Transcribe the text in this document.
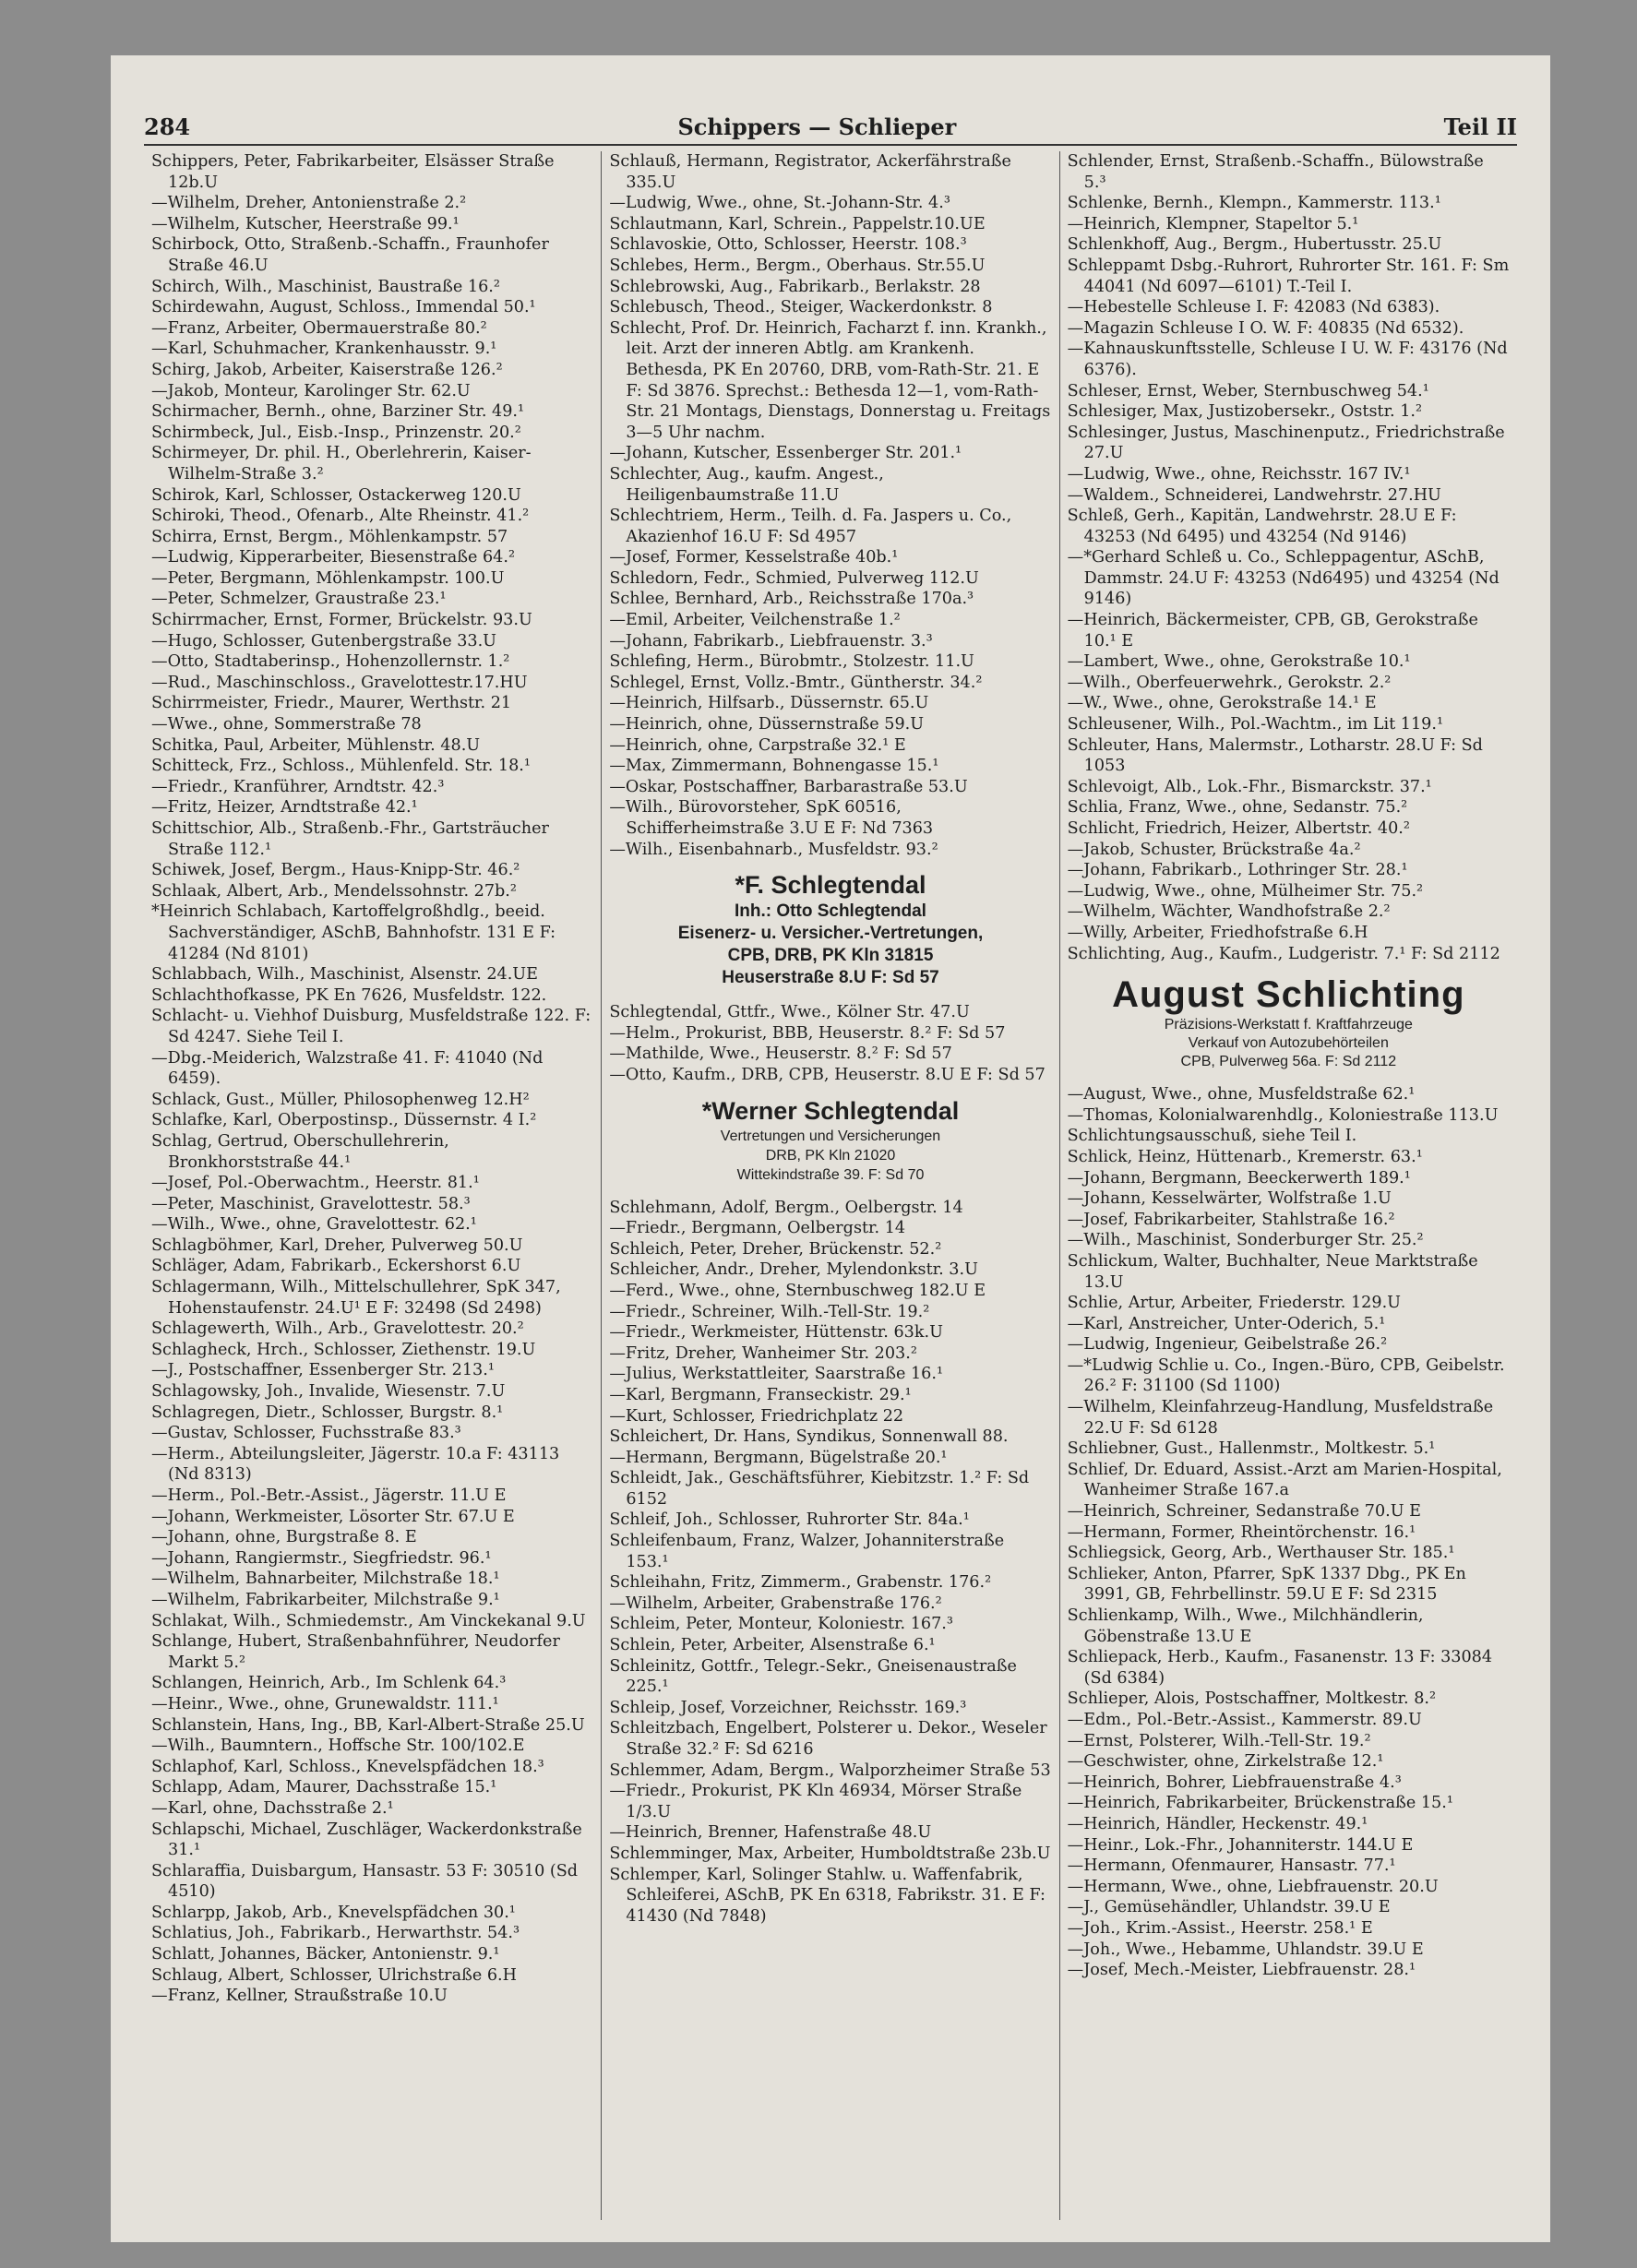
284	Schippers — Schlieper	Teil II

Schippers, Peter, Fabrikarbeiter, Elsässer Straße 12b.U

—Wilhelm, Dreher, Antonienstraße 2.²

—Wilhelm, Kutscher, Heerstraße 99.¹

Schirbock, Otto, Straßenb.-Schaffn., Fraunhofer Straße 46.U

Schirch, Wilh., Maschinist, Baustraße 16.²

Schirdewahn, August, Schloss., Immendal 50.¹

—Franz, Arbeiter, Obermauerstraße 80.²

—Karl, Schuhmacher, Krankenhausstr. 9.¹

Schirg, Jakob, Arbeiter, Kaiserstraße 126.²

—Jakob, Monteur, Karolinger Str. 62.U

Schirmacher, Bernh., ohne, Barziner Str. 49.¹

Schirmbeck, Jul., Eisb.-Insp., Prinzenstr. 20.²

Schirmeyer, Dr. phil. H., Oberlehrerin, Kaiser-Wilhelm-Straße 3.²

Schirok, Karl, Schlosser, Ostackerweg 120.U

Schiroki, Theod., Ofenarb., Alte Rheinstr. 41.²

Schirra, Ernst, Bergm., Möhlenkampstr. 57

—Ludwig, Kipperarbeiter, Biesenstraße 64.²

—Peter, Bergmann, Möhlenkampstr. 100.U

—Peter, Schmelzer, Graustraße 23.¹

Schirrmacher, Ernst, Former, Brückelstr. 93.U

—Hugo, Schlosser, Gutenbergstraße 33.U

—Otto, Stadtaberinsp., Hohenzollernstr. 1.²

—Rud., Maschinschloss., Gravelottestr.17.HU

Schirrmeister, Friedr., Maurer, Werthstr. 21

—Wwe., ohne, Sommerstraße 78

Schitka, Paul, Arbeiter, Mühlenstr. 48.U

Schitteck, Frz., Schloss., Mühlenfeld. Str. 18.¹

—Friedr., Kranführer, Arndtstr. 42.³

—Fritz, Heizer, Arndtstraße 42.¹

Schittschior, Alb., Straßenb.-Fhr., Gartsträucher Straße 112.¹

Schiwek, Josef, Bergm., Haus-Knipp-Str. 46.²

Schlaak, Albert, Arb., Mendelssohnstr. 27b.²

*Heinrich Schlabach, Kartoffelgroßhdlg., beeid. Sachverständiger, ASchB, Bahnhofstr. 131 E F: 41284 (Nd 8101)

Schlabbach, Wilh., Maschinist, Alsenstr. 24.UE

Schlachthofkasse, PK En 7626, Musfeldstr. 122.

Schlacht- u. Viehhof Duisburg, Musfeldstraße 122. F: Sd 4247. Siehe Teil I.

—Dbg.-Meiderich, Walzstraße 41. F: 41040 (Nd 6459).

Schlack, Gust., Müller, Philosophenweg 12.H²

Schlafke, Karl, Oberpostinsp., Düssernstr. 4 I.²

Schlag, Gertrud, Oberschullehrerin, Bronkhorststraße 44.¹

—Josef, Pol.-Oberwachtm., Heerstr. 81.¹

—Peter, Maschinist, Gravelottestr. 58.³

—Wilh., Wwe., ohne, Gravelottestr. 62.¹

Schlagböhmer, Karl, Dreher, Pulverweg 50.U

Schläger, Adam, Fabrikarb., Eckershorst 6.U

Schlagermann, Wilh., Mittelschullehrer, SpK 347, Hohenstaufenstr. 24.U¹ E F: 32498 (Sd 2498)

Schlagewerth, Wilh., Arb., Gravelottestr. 20.²

Schlagheck, Hrch., Schlosser, Ziethenstr. 19.U

—J., Postschaffner, Essenberger Str. 213.¹

Schlagowsky, Joh., Invalide, Wiesenstr. 7.U

Schlagregen, Dietr., Schlosser, Burgstr. 8.¹

—Gustav, Schlosser, Fuchsstraße 83.³

—Herm., Abteilungsleiter, Jägerstr. 10.a F: 43113 (Nd 8313)

—Herm., Pol.-Betr.-Assist., Jägerstr. 11.U E

—Johann, Werkmeister, Lösorter Str. 67.U E

—Johann, ohne, Burgstraße 8. E

—Johann, Rangiermstr., Siegfriedstr. 96.¹

—Wilhelm, Bahnarbeiter, Milchstraße 18.¹

—Wilhelm, Fabrikarbeiter, Milchstraße 9.¹

Schlakat, Wilh., Schmiedemstr., Am Vinckekanal 9.U

Schlange, Hubert, Straßenbahnführer, Neudorfer Markt 5.²

Schlangen, Heinrich, Arb., Im Schlenk 64.³

—Heinr., Wwe., ohne, Grunewaldstr. 111.¹

Schlanstein, Hans, Ing., BB, Karl-Albert-Straße 25.U

—Wilh., Baumntern., Hoffsche Str. 100/102.E

Schlaphof, Karl, Schloss., Knevelspfädchen 18.³

Schlapp, Adam, Maurer, Dachsstraße 15.¹

—Karl, ohne, Dachsstraße 2.¹

Schlapschi, Michael, Zuschläger, Wackerdonkstraße 31.¹

Schlaraffia, Duisbargum, Hansastr. 53 F: 30510 (Sd 4510)

Schlarpp, Jakob, Arb., Knevelspfädchen 30.¹

Schlatius, Joh., Fabrikarb., Herwarthstr. 54.³

Schlatt, Johannes, Bäcker, Antonienstr. 9.¹

Schlaug, Albert, Schlosser, Ulrichstraße 6.H

—Franz, Kellner, Straußstraße 10.U

Schlauß, Hermann, Registrator, Ackerfährstraße 335.U

—Ludwig, Wwe., ohne, St.-Johann-Str. 4.³

Schlautmann, Karl, Schrein., Pappelstr.10.UE

Schlavoskie, Otto, Schlosser, Heerstr. 108.³

Schlebes, Herm., Bergm., Oberhaus. Str.55.U

Schlebrowski, Aug., Fabrikarb., Berlakstr. 28

Schlebusch, Theod., Steiger, Wackerdonkstr. 8

Schlecht, Prof. Dr. Heinrich, Facharzt f. inn. Krankh., leit. Arzt der inneren Abtlg. am Krankenh. Bethesda, PK En 20760, DRB, vom-Rath-Str. 21. E F: Sd 3876. Sprechst.: Bethesda 12—1, vom-Rath-Str. 21 Montags, Dienstags, Donnerstag u. Freitags 3—5 Uhr nachm.

—Johann, Kutscher, Essenberger Str. 201.¹

Schlechter, Aug., kaufm. Angest., Heiligenbaumstraße 11.U

Schlechtriem, Herm., Teilh. d. Fa. Jaspers u. Co., Akazienhof 16.U F: Sd 4957

—Josef, Former, Kesselstraße 40b.¹

Schledorn, Fedr., Schmied, Pulverweg 112.U

Schlee, Bernhard, Arb., Reichsstraße 170a.³

—Emil, Arbeiter, Veilchenstraße 1.²

—Johann, Fabrikarb., Liebfrauenstr. 3.³

Schlefing, Herm., Bürobmtr., Stolzestr. 11.U

Schlegel, Ernst, Vollz.-Bmtr., Güntherstr. 34.²

—Heinrich, Hilfsarb., Düssernstr. 65.U

—Heinrich, ohne, Düssernstraße 59.U

—Heinrich, ohne, Carpstraße 32.¹ E

—Max, Zimmermann, Bohnengasse 15.¹

—Oskar, Postschaffner, Barbarastraße 53.U

—Wilh., Bürovorsteher, SpK 60516, Schifferheimstraße 3.U E F: Nd 7363

—Wilh., Eisenbahnarb., Musfeldstr. 93.²

*F. Schlegtendal
Inh.: Otto Schlegtendal
Eisenerz- u. Versicher.-Vertretungen,
CPB, DRB, PK Kln 31815
Heuserstraße 8.U F: Sd 57

Schlegtendal, Gttfr., Wwe., Kölner Str. 47.U

—Helm., Prokurist, BBB, Heuserstr. 8.² F: Sd 57

—Mathilde, Wwe., Heuserstr. 8.² F: Sd 57

—Otto, Kaufm., DRB, CPB, Heuserstr. 8.U E F: Sd 57

*Werner Schlegtendal
Vertretungen und Versicherungen
DRB, PK Kln 21020
Wittekindstraße 39. F: Sd 70

Schlehmann, Adolf, Bergm., Oelbergstr. 14

—Friedr., Bergmann, Oelbergstr. 14

Schleich, Peter, Dreher, Brückenstr. 52.²

Schleicher, Andr., Dreher, Mylendonkstr. 3.U

—Ferd., Wwe., ohne, Sternbuschweg 182.U E

—Friedr., Schreiner, Wilh.-Tell-Str. 19.²

—Friedr., Werkmeister, Hüttenstr. 63k.U

—Fritz, Dreher, Wanheimer Str. 203.²

—Julius, Werkstattleiter, Saarstraße 16.¹

—Karl, Bergmann, Franseckistr. 29.¹

—Kurt, Schlosser, Friedrichplatz 22

Schleichert, Dr. Hans, Syndikus, Sonnenwall 88.

—Hermann, Bergmann, Bügelstraße 20.¹

Schleidt, Jak., Geschäftsführer, Kiebitzstr. 1.² F: Sd 6152

Schleif, Joh., Schlosser, Ruhrorter Str. 84a.¹

Schleifenbaum, Franz, Walzer, Johanniterstraße 153.¹

Schleihahn, Fritz, Zimmerm., Grabenstr. 176.²

—Wilhelm, Arbeiter, Grabenstraße 176.²

Schleim, Peter, Monteur, Koloniestr. 167.³

Schlein, Peter, Arbeiter, Alsenstraße 6.¹

Schleinitz, Gottfr., Telegr.-Sekr., Gneisenaustraße 225.¹

Schleip, Josef, Vorzeichner, Reichsstr. 169.³

Schleitzbach, Engelbert, Polsterer u. Dekor., Weseler Straße 32.² F: Sd 6216

Schlemmer, Adam, Bergm., Walporzheimer Straße 53

—Friedr., Prokurist, PK Kln 46934, Mörser Straße 1/3.U

—Heinrich, Brenner, Hafenstraße 48.U

Schlemminger, Max, Arbeiter, Humboldtstraße 23b.U

Schlemper, Karl, Solinger Stahlw. u. Waffenfabrik, Schleiferei, ASchB, PK En 6318, Fabrikstr. 31. E F: 41430 (Nd 7848)

Schlender, Ernst, Straßenb.-Schaffn., Bülowstraße 5.³

Schlenke, Bernh., Klempn., Kammerstr. 113.¹

—Heinrich, Klempner, Stapeltor 5.¹

Schlenkhoff, Aug., Bergm., Hubertusstr. 25.U

Schleppamt Dsbg.-Ruhrort, Ruhrorter Str. 161. F: Sm 44041 (Nd 6097—6101) T.-Teil I.

—Hebestelle Schleuse I. F: 42083 (Nd 6383).

—Magazin Schleuse I O. W. F: 40835 (Nd 6532).

—Kahnauskunftsstelle, Schleuse I U. W. F: 43176 (Nd 6376).

Schleser, Ernst, Weber, Sternbuschweg 54.¹

Schlesiger, Max, Justizobersekr., Oststr. 1.²

Schlesinger, Justus, Maschinenputz., Friedrichstraße 27.U

—Ludwig, Wwe., ohne, Reichsstr. 167 IV.¹

—Waldem., Schneiderei, Landwehrstr. 27.HU

Schleß, Gerh., Kapitän, Landwehrstr. 28.U E F: 43253 (Nd 6495) und 43254 (Nd 9146)

—*Gerhard Schleß u. Co., Schleppagentur, ASchB, Dammstr. 24.U F: 43253 (Nd6495) und 43254 (Nd 9146)

—Heinrich, Bäckermeister, CPB, GB, Gerokstraße 10.¹ E

—Lambert, Wwe., ohne, Gerokstraße 10.¹

—Wilh., Oberfeuerwehrk., Gerokstr. 2.²

—W., Wwe., ohne, Gerokstraße 14.¹ E

Schleusener, Wilh., Pol.-Wachtm., im Lit 119.¹

Schleuter, Hans, Malermstr., Lotharstr. 28.U F: Sd 1053

Schlevoigt, Alb., Lok.-Fhr., Bismarckstr. 37.¹

Schlia, Franz, Wwe., ohne, Sedanstr. 75.²

Schlicht, Friedrich, Heizer, Albertstr. 40.²

—Jakob, Schuster, Brückstraße 4a.²

—Johann, Fabrikarb., Lothringer Str. 28.¹

—Ludwig, Wwe., ohne, Mülheimer Str. 75.²

—Wilhelm, Wächter, Wandhofstraße 2.²

—Willy, Arbeiter, Friedhofstraße 6.H

Schlichting, Aug., Kaufm., Ludgeristr. 7.¹ F: Sd 2112

August Schlichting
Präzisions-Werkstatt f. Kraftfahrzeuge
Verkauf von Autozubehörteilen
CPB, Pulverweg 56a. F: Sd 2112

—August, Wwe., ohne, Musfeldstraße 62.¹

—Thomas, Kolonialwarenhdlg., Koloniestraße 113.U

Schlichtungsausschuß, siehe Teil I.

Schlick, Heinz, Hüttenarb., Kremerstr. 63.¹

—Johann, Bergmann, Beeckerwerth 189.¹

—Johann, Kesselwärter, Wolfstraße 1.U

—Josef, Fabrikarbeiter, Stahlstraße 16.²

—Wilh., Maschinist, Sonderburger Str. 25.²

Schlickum, Walter, Buchhalter, Neue Marktstraße 13.U

Schlie, Artur, Arbeiter, Friederstr. 129.U

—Karl, Anstreicher, Unter-Oderich, 5.¹

—Ludwig, Ingenieur, Geibelstraße 26.²

—*Ludwig Schlie u. Co., Ingen.-Büro, CPB, Geibelstr. 26.² F: 31100 (Sd 1100)

—Wilhelm, Kleinfahrzeug-Handlung, Musfeldstraße 22.U F: Sd 6128

Schliebner, Gust., Hallenmstr., Moltkestr. 5.¹

Schlief, Dr. Eduard, Assist.-Arzt am Marien-Hospital, Wanheimer Straße 167.a

—Heinrich, Schreiner, Sedanstraße 70.U E

—Hermann, Former, Rheintörchenstr. 16.¹

Schliegsick, Georg, Arb., Werthauser Str. 185.¹

Schlieker, Anton, Pfarrer, SpK 1337 Dbg., PK En 3991, GB, Fehrbellinstr. 59.U E F: Sd 2315

Schlienkamp, Wilh., Wwe., Milchhändlerin, Göbenstraße 13.U E

Schliepack, Herb., Kaufm., Fasanenstr. 13 F: 33084 (Sd 6384)

Schlieper, Alois, Postschaffner, Moltkestr. 8.²

—Edm., Pol.-Betr.-Assist., Kammerstr. 89.U

—Ernst, Polsterer, Wilh.-Tell-Str. 19.²

—Geschwister, ohne, Zirkelstraße 12.¹

—Heinrich, Bohrer, Liebfrauenstraße 4.³

—Heinrich, Fabrikarbeiter, Brückenstraße 15.¹

—Heinrich, Händler, Heckenstr. 49.¹

—Heinr., Lok.-Fhr., Johanniterstr. 144.U E

—Hermann, Ofenmaurer, Hansastr. 77.¹

—Hermann, Wwe., ohne, Liebfrauenstr. 20.U

—J., Gemüsehändler, Uhlandstr. 39.U E

—Joh., Krim.-Assist., Heerstr. 258.¹ E

—Joh., Wwe., Hebamme, Uhlandstr. 39.U E

—Josef, Mech.-Meister, Liebfrauenstr. 28.¹
